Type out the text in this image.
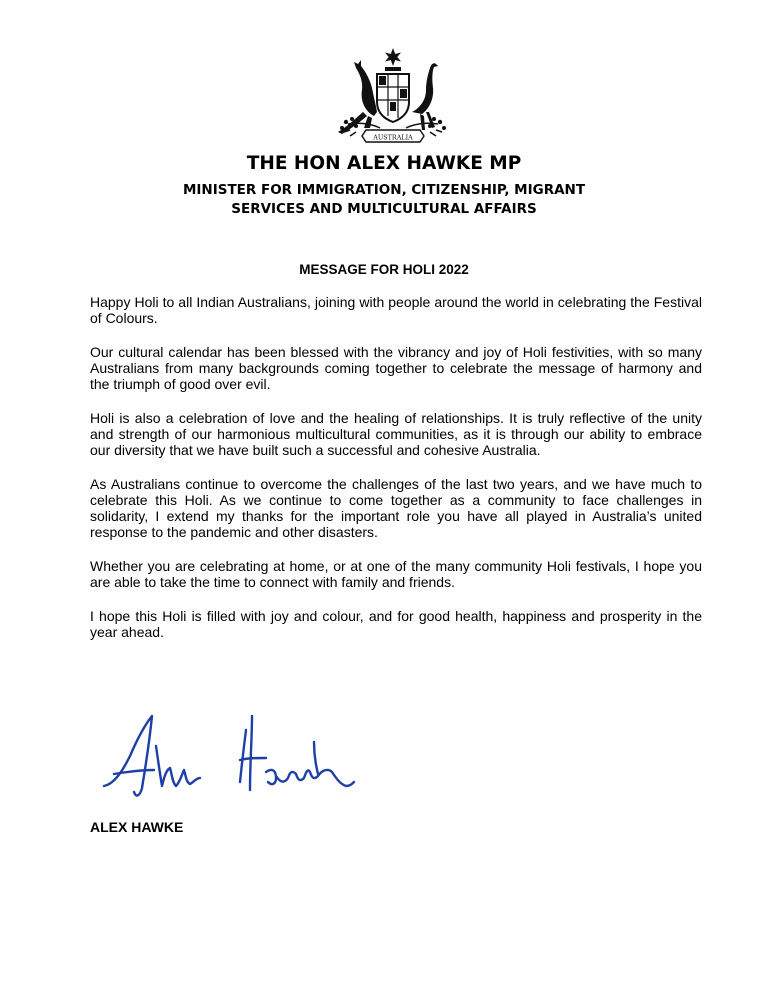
AUSTRALIA
THE HON ALEX HAWKE MP
MINISTER FOR IMMIGRATION, CITIZENSHIP, MIGRANT SERVICES AND MULTICULTURAL AFFAIRS
MESSAGE FOR HOLI 2022

Happy Holi to all Indian Australians, joining with people around the world in celebrating the Festival of Colours.

Our cultural calendar has been blessed with the vibrancy and joy of Holi festivities, with so many Australians from many backgrounds coming together to celebrate the message of harmony and the triumph of good over evil.

Holi is also a celebration of love and the healing of relationships. It is truly reflective of the unity and strength of our harmonious multicultural communities, as it is through our ability to embrace our diversity that we have built such a successful and cohesive Australia.

As Australians continue to overcome the challenges of the last two years, and we have much to celebrate this Holi. As we continue to come together as a community to face challenges in solidarity, I extend my thanks for the important role you have all played in Australia’s united response to the pandemic and other disasters.

Whether you are celebrating at home, or at one of the many community Holi festivals, I hope you are able to take the time to connect with family and friends.

I hope this Holi is filled with joy and colour, and for good health, happiness and prosperity in the year ahead.

ALEX HAWKE
